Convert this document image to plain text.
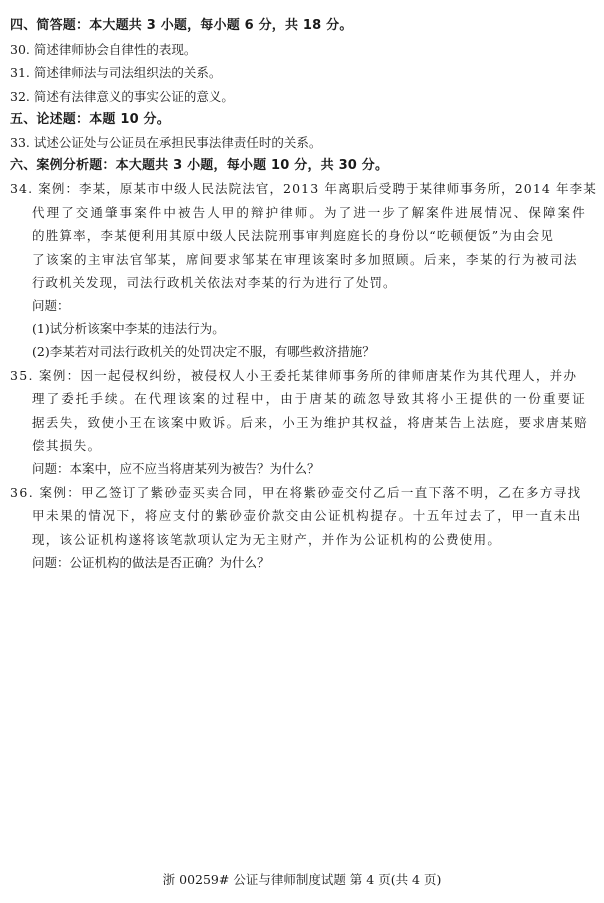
四、简答题：本大题共 3 小题，每小题 6 分，共 18 分。
30. 简述律师协会自律性的表现。
31. 简述律师法与司法组织法的关系。
32. 简述有法律意义的事实公证的意义。
五、论述题：本题 10 分。
33. 试述公证处与公证员在承担民事法律责任时的关系。
六、案例分析题：本大题共 3 小题，每小题 10 分，共 30 分。
34. 案例：李某，原某市中级人民法院法官，2013 年离职后受聘于某律师事务所，2014 年李某
代理了交通肇事案件中被告人甲的辩护律师。为了进一步了解案件进展情况、保障案件
的胜算率，李某便利用其原中级人民法院刑事审判庭庭长的身份以“吃顿便饭”为由会见
了该案的主审法官邹某，席间要求邹某在审理该案时多加照顾。后来，李某的行为被司法
行政机关发现，司法行政机关依法对李某的行为进行了处罚。
问题：
(1)试分析该案中李某的违法行为。
(2)李某若对司法行政机关的处罚决定不服，有哪些救济措施？
35. 案例：因一起侵权纠纷，被侵权人小王委托某律师事务所的律师唐某作为其代理人，并办
理了委托手续。在代理该案的过程中，由于唐某的疏忽导致其将小王提供的一份重要证
据丢失，致使小王在该案中败诉。后来，小王为维护其权益，将唐某告上法庭，要求唐某赔
偿其损失。
问题：本案中，应不应当将唐某列为被告？为什么？
36. 案例：甲乙签订了紫砂壶买卖合同，甲在将紫砂壶交付乙后一直下落不明，乙在多方寻找
甲未果的情况下，将应支付的紫砂壶价款交由公证机构提存。十五年过去了，甲一直未出
现，该公证机构遂将该笔款项认定为无主财产，并作为公证机构的公费使用。
问题：公证机构的做法是否正确？为什么？
浙 00259# 公证与律师制度试题 第 4 页(共 4 页)
